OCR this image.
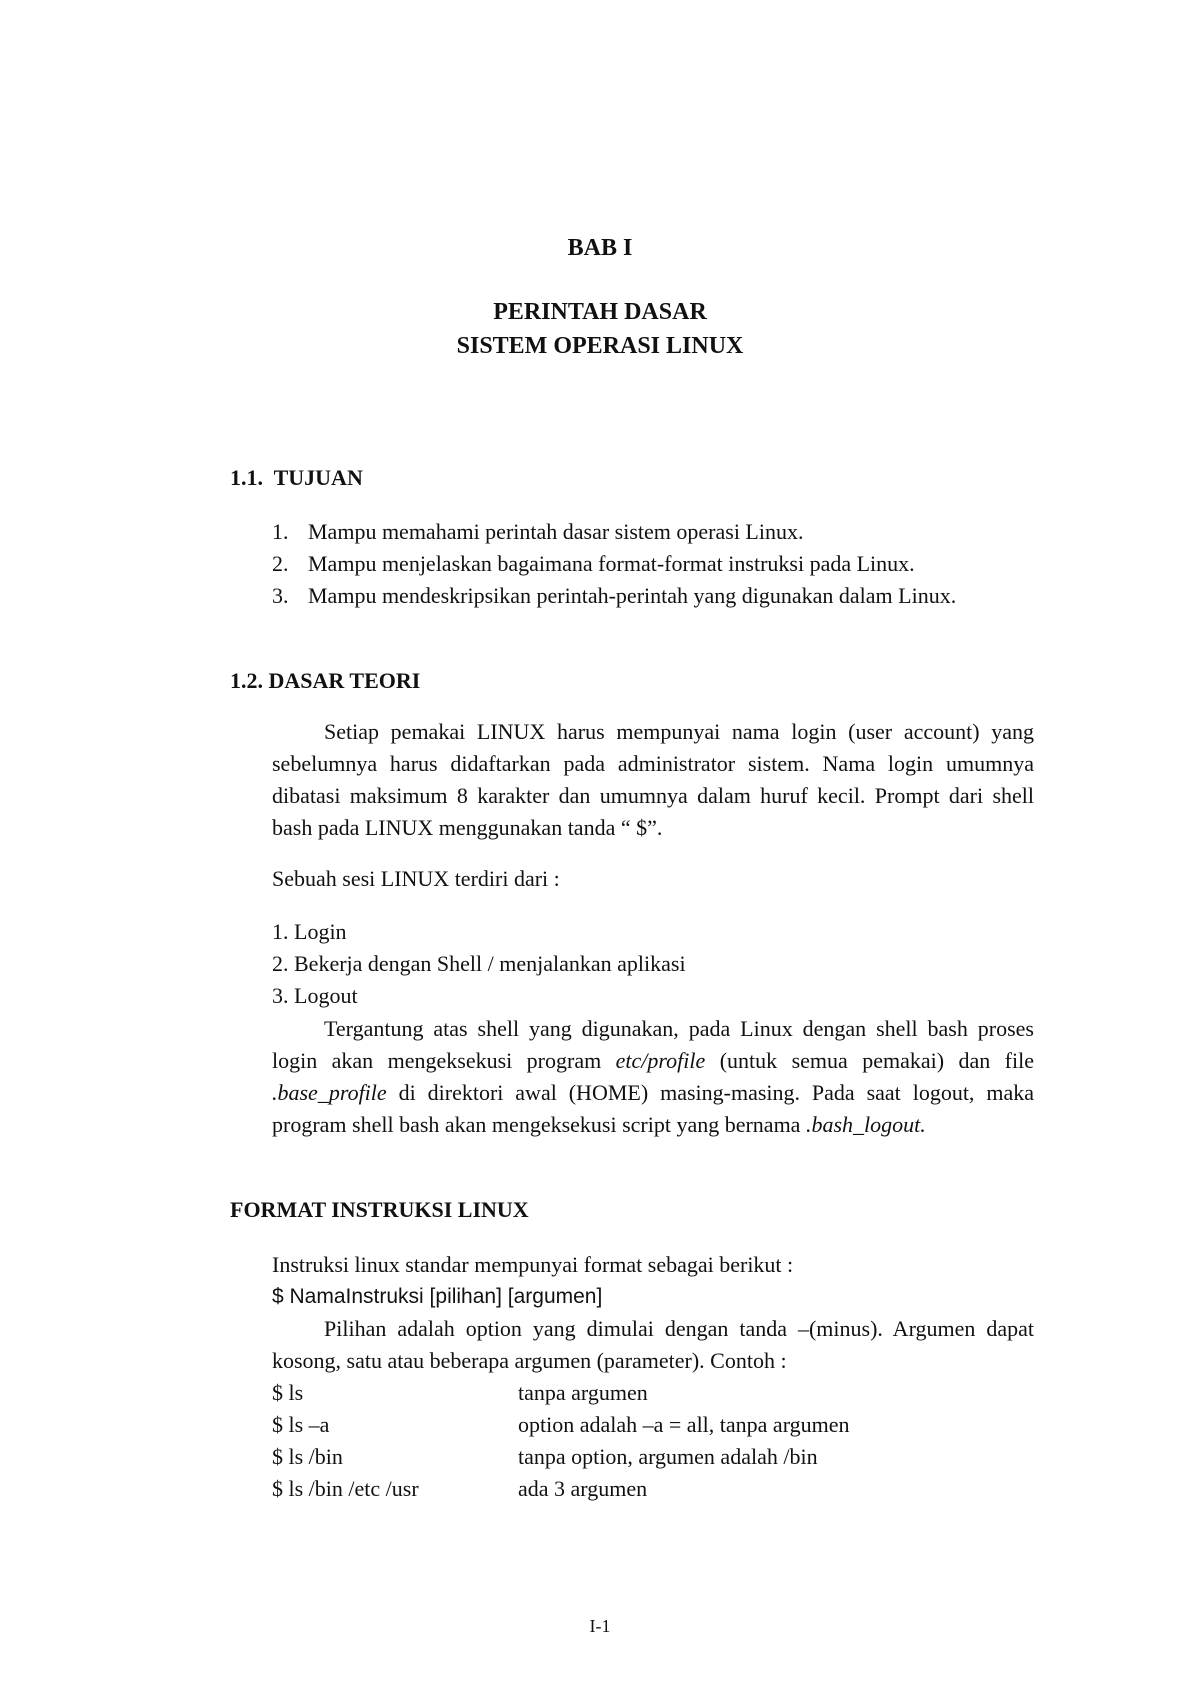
BAB I
PERINTAH DASAR
SISTEM OPERASI LINUX
1.1.  TUJUAN
1. Mampu memahami perintah dasar sistem operasi Linux.
2. Mampu menjelaskan bagaimana format-format instruksi pada Linux.
3. Mampu mendeskripsikan perintah-perintah yang digunakan dalam Linux.
1.2. DASAR TEORI

Setiap pemakai LINUX harus mempunyai nama login (user account) yang sebelumnya harus didaftarkan pada administrator sistem. Nama login umumnya dibatasi maksimum 8 karakter dan umumnya dalam huruf kecil. Prompt dari shell bash pada LINUX menggunakan tanda “ $”.

Sebuah sesi LINUX terdiri dari :

1. Login
2. Bekerja dengan Shell / menjalankan aplikasi
3. Logout

Tergantung atas shell yang digunakan, pada Linux dengan shell bash proses login akan mengeksekusi program etc/profile (untuk semua pemakai) dan file .base_profile di direktori awal (HOME) masing-masing. Pada saat logout, maka program shell bash akan mengeksekusi script yang bernama .bash_logout.

FORMAT INSTRUKSI LINUX

Instruksi linux standar mempunyai format sebagai berikut :

$ NamaInstruksi [pilihan] [argumen]

Pilihan adalah option yang dimulai dengan tanda –(minus). Argumen dapat kosong, satu atau beberapa argumen (parameter). Contoh :

$ ls	tanpa argumen
$ ls –a	option adalah –a = all, tanpa argumen
$ ls /bin	tanpa option, argumen adalah /bin
$ ls /bin /etc /usr	ada 3 argumen
I-1
